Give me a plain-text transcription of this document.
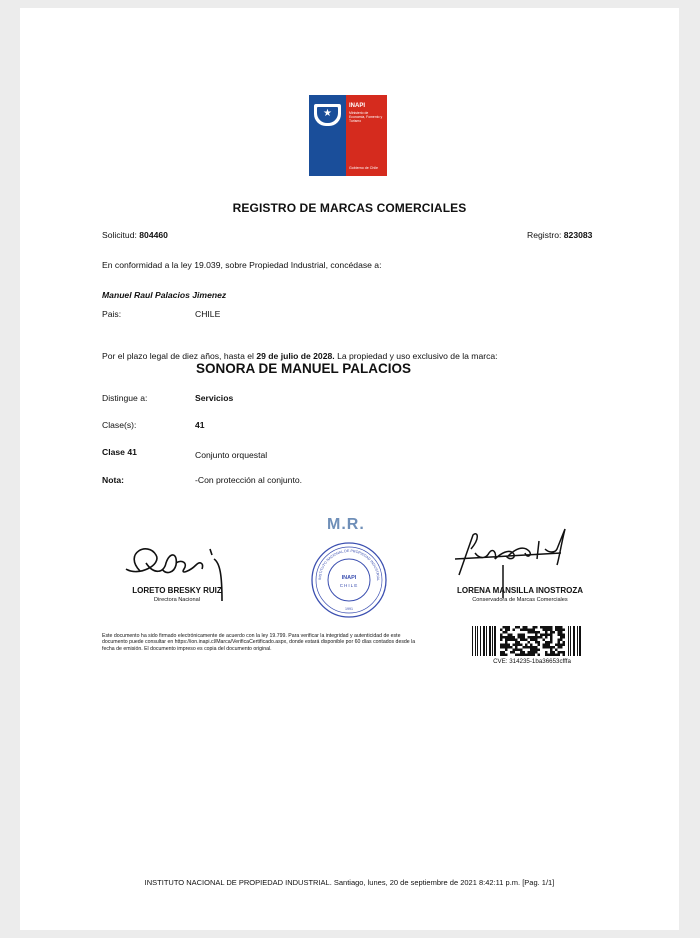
★
INAPI
Ministerio de Economía, Fomento y Turismo
Gobierno de Chile
REGISTRO DE MARCAS COMERCIALES
Solicitud: 804460	Registro: 823083
En conformidad a la ley 19.039, sobre Propiedad Industrial, concédase a:
Manuel Raul Palacios Jimenez
Pais:	CHILE
Por el plazo legal de diez años, hasta el 29 de julio de 2028. La propiedad y uso exclusivo de la marca:
SONORA DE MANUEL PALACIOS
Distingue a:	Servicios
Clase(s):	41
Clase 41	Conjunto orquestal
Nota:	-Con protección al conjunto.
LORETO BRESKY RUIZ
Directora Nacional
M.R.
INSTITUTO NACIONAL DE PROPIEDAD INDUSTRIAL
INAPI
CHILE
1991
LORENA MANSILLA INOSTROZA
Conservadora de Marcas Comerciales
Este documento ha sido firmado electrónicamente de acuerdo con la ley 19.799. Para verificar la integridad y autenticidad de este documento puede consultar en https://ion.inapi.cl/Marca/VerificaCertificado.aspx, donde estará disponible por 60 días contados desde la fecha de emisión. El documento impreso es copia del documento original.
CVE: 314235-1ba36653cfffa
INSTITUTO NACIONAL DE PROPIEDAD INDUSTRIAL. Santiago, lunes, 20 de septiembre de 2021 8:42:11 p.m. [Pag. 1/1]
